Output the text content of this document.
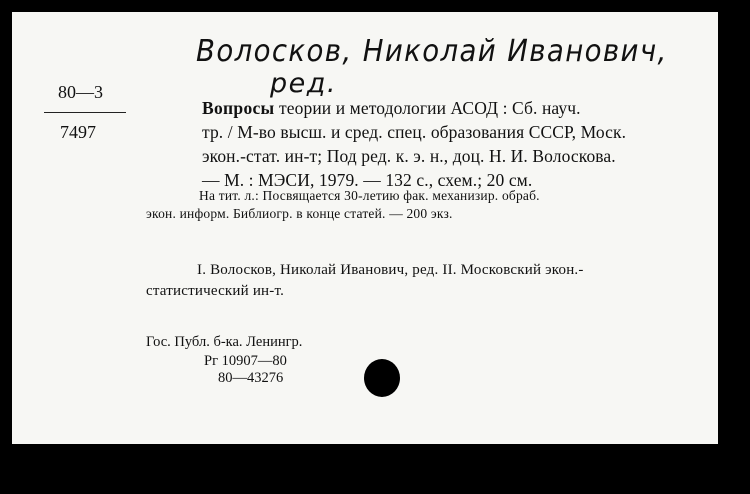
Волосков, Николай Иванович,
ред.
80—3
7497
Вопросы теории и методологии АСОД : Сб. науч.
тр. / М-во высш. и сред. спец. образования СССР, Моск.
экон.-стат. ин-т; Под ред. к. э. н., доц. Н. И. Волоскова.
— М. : МЭСИ, 1979. — 132 с., схем.; 20 см.
На тит. л.: Посвящается 30-летию фак. механизир. обраб.
экон. информ. Библиогр. в конце статей. — 200 экз.
I. Волосков, Николай Иванович, ред. II. Московский экон.-
статистический ин-т.
Гос. Публ. б-ка. Ленингр.
Рг 10907—80
80—43276
